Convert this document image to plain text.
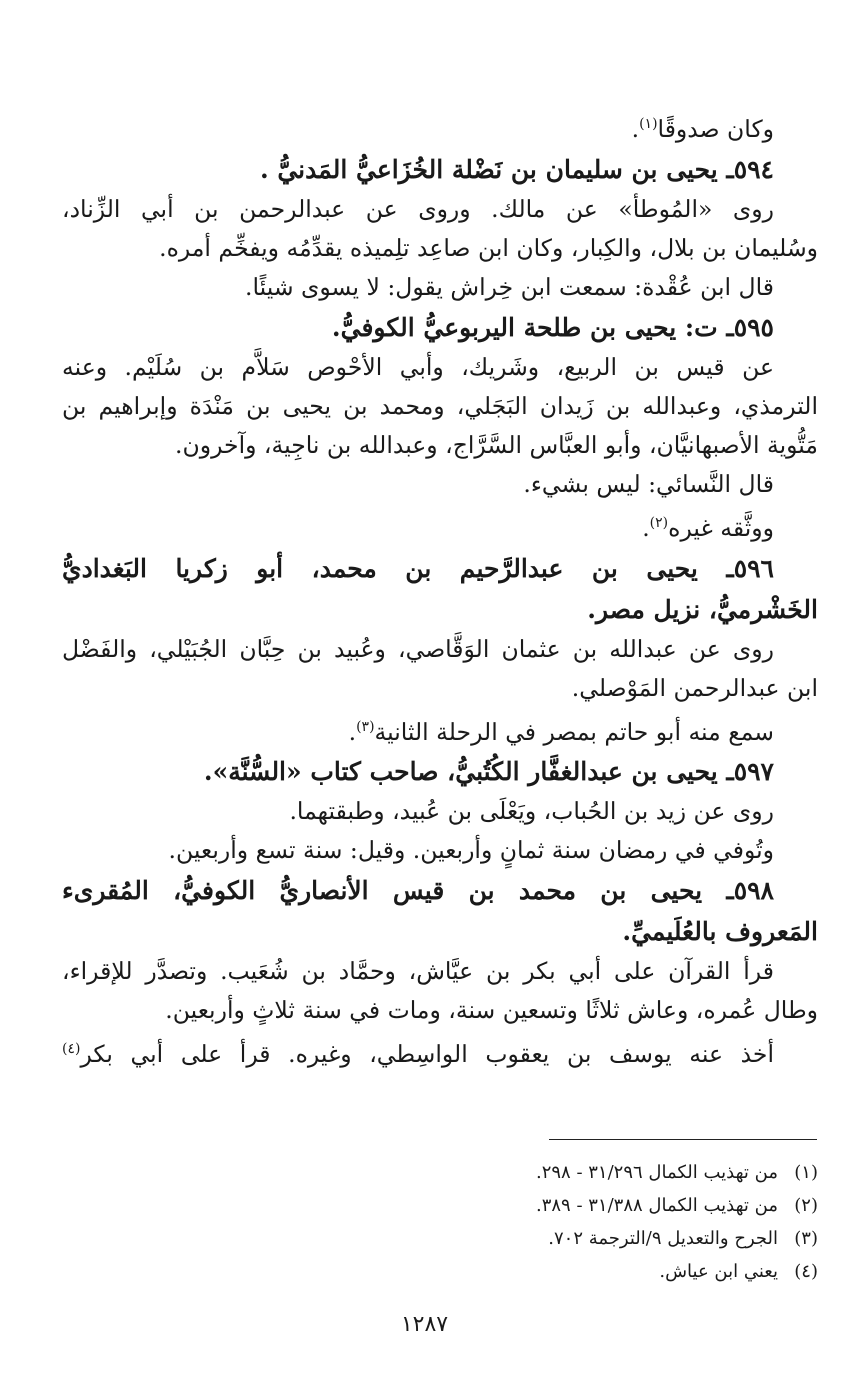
وكان صدوقًا$^{(١)}$.
٥٩٤ـ يحيى بن سليمان بن نَضْلة الخُزَاعيُّ المَدنيُّ .
روى «المُوطأ» عن مالك. وروى عن عبدالرحمن بن أبي الزِّناد،
وسُليمان بن بلال، والكِبار، وكان ابن صاعِد تلِميذه يقدِّمُه ويفخِّم أمره.
قال ابن عُقْدة: سمعت ابن خِراش يقول: لا يسوى شيئًا.
٥٩٥ـ ت: يحيى بن طلحة اليربوعيُّ الكوفيُّ.
عن قيس بن الربيع، وشَريك، وأبي الأحْوص سَلاَّم بن سُلَيْم. وعنه
الترمذي، وعبدالله بن زَيدان البَجَلي، ومحمد بن يحيى بن مَنْدَة وإبراهيم بن
مَتُّوية الأصبهانيَّان، وأبو العبَّاس السَّرَّاج، وعبدالله بن ناجِية، وآخرون.
قال النَّسائي: ليس بشيء.
ووثَّقه غيره$^{(٢)}$.
٥٩٦ـ يحيى بن عبدالرَّحيم بن محمد، أبو زكريا البَغداديُّ
الخَشْرميُّ، نزيل مصر.
روى عن عبدالله بن عثمان الوَقَّاصي، وعُبيد بن حِبَّان الجُبَيْلي، والفَضْل
ابن عبدالرحمن المَوْصلي.
سمع منه أبو حاتم بمصر في الرحلة الثانية$^{(٣)}$.
٥٩٧ـ يحيى بن عبدالغفَّار الكُتُبيُّ، صاحب كتاب «السُّنَّة».
روى عن زيد بن الحُباب، ويَعْلَى بن عُبيد، وطبقتهما.
وتُوفي في رمضان سنة ثمانٍ وأربعين. وقيل: سنة تسع وأربعين.
٥٩٨ـ يحيى بن محمد بن قيس الأنصاريُّ الكوفيُّ، المُقرىء
المَعروف بالعُلَيميِّ.
قرأ القرآن على أبي بكر بن عيَّاش، وحمَّاد بن شُعَيب. وتصدَّر للإقراء،
وطال عُمره، وعاش ثلاثًا وتسعين سنة، ومات في سنة ثلاثٍ وأربعين.
أخذ عنه يوسف بن يعقوب الواسِطي، وغيره. قرأ على أبي بكر$^{(٤)}$
(١)من تهذيب الكمال ٣١/٢٩٦ - ٢٩٨.
(٢)من تهذيب الكمال ٣١/٣٨٨ - ٣٨٩.
(٣)الجرح والتعديل ٩/الترجمة ٧٠٢.
(٤)يعني ابن عياش.
١٢٨٧
